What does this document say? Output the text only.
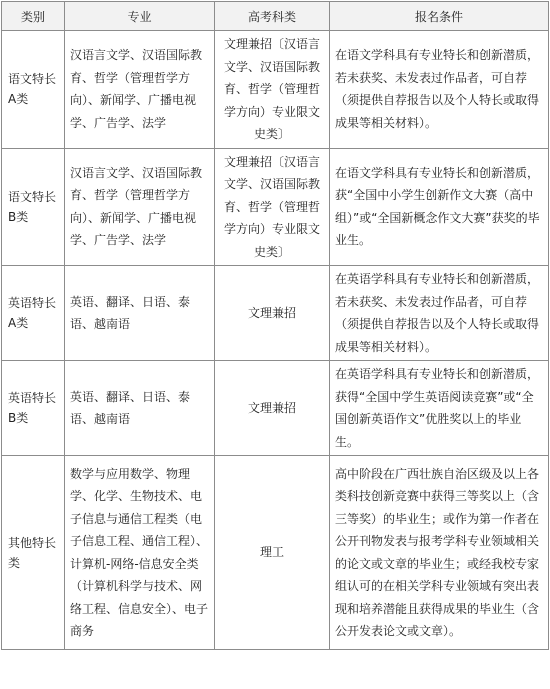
类别	专业	高考科类	报名条件
语文特长A类	汉语言文学、汉语国际教育、哲学（管理哲学方向）、新闻学、广播电视学、广告学、法学	文理兼招〔汉语言文学、汉语国际教育、哲学（管理哲学方向）专业限文史类〕	在语文学科具有专业特长和创新潜质，若未获奖、未发表过作品者，可自荐（须提供自荐报告以及个人特长或取得成果等相关材料）。
语文特长B类	汉语言文学、汉语国际教育、哲学（管理哲学方向）、新闻学、广播电视学、广告学、法学	文理兼招〔汉语言文学、汉语国际教育、哲学（管理哲学方向）专业限文史类〕	在语文学科具有专业特长和创新潜质，获“全国中小学生创新作文大赛（高中组）”或“全国新概念作文大赛”获奖的毕业生。
英语特长A类	英语、翻译、日语、泰语、越南语	文理兼招	在英语学科具有专业特长和创新潜质，若未获奖、未发表过作品者，可自荐（须提供自荐报告以及个人特长或取得成果等相关材料）。
英语特长B类	英语、翻译、日语、泰语、越南语	文理兼招	在英语学科具有专业特长和创新潜质，获得“全国中学生英语阅读竞赛”或“全国创新英语作文”优胜奖以上的毕业生。
其他特长类	数学与应用数学、物理学、化学、生物技术、电子信息与通信工程类（电子信息工程、通信工程）、计算机-网络-信息安全类（计算机科学与技术、网络工程、信息安全）、电子商务	理工	高中阶段在广西壮族自治区级及以上各类科技创新竞赛中获得三等奖以上（含三等奖）的毕业生；或作为第一作者在公开刊物发表与报考学科专业领域相关的论文或文章的毕业生；或经我校专家组认可的在相关学科专业领域有突出表现和培养潜能且获得成果的毕业生（含公开发表论文或文章）。
